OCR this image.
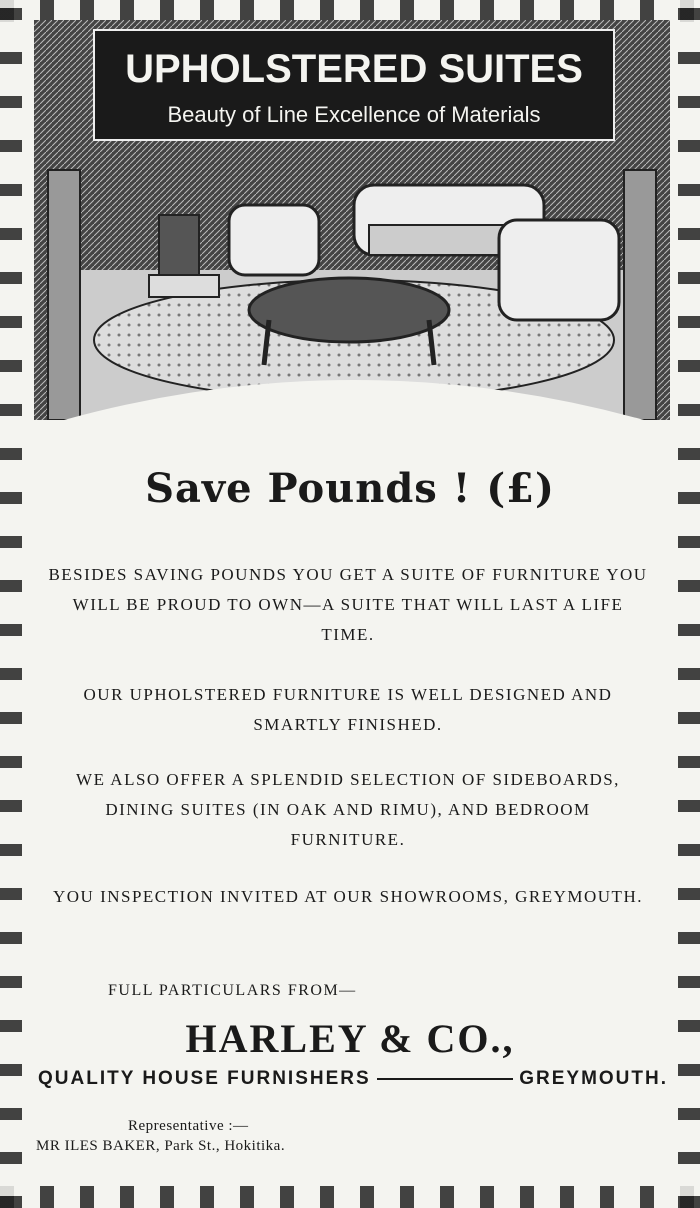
UPHOLSTERED SUITES
Beauty of Line Excellence of Materials
Save Pounds ! (£)
BESIDES SAVING POUNDS YOU GET A SUITE OF FURNITURE YOU WILL BE PROUD TO OWN—A SUITE THAT WILL LAST A LIFE TIME.
OUR UPHOLSTERED FURNITURE IS WELL DESIGNED AND SMARTLY FINISHED.
WE ALSO OFFER A SPLENDID SELECTION OF SIDEBOARDS, DINING SUITES (IN OAK AND RIMU), AND BEDROOM FURNITURE.
YOU INSPECTION INVITED AT OUR SHOWROOMS, GREYMOUTH.
FULL PARTICULARS FROM—
HARLEY & CO.,
QUALITY HOUSE FURNISHERS	GREYMOUTH.
Representative :—
MR ILES BAKER, Park St., Hokitika.
